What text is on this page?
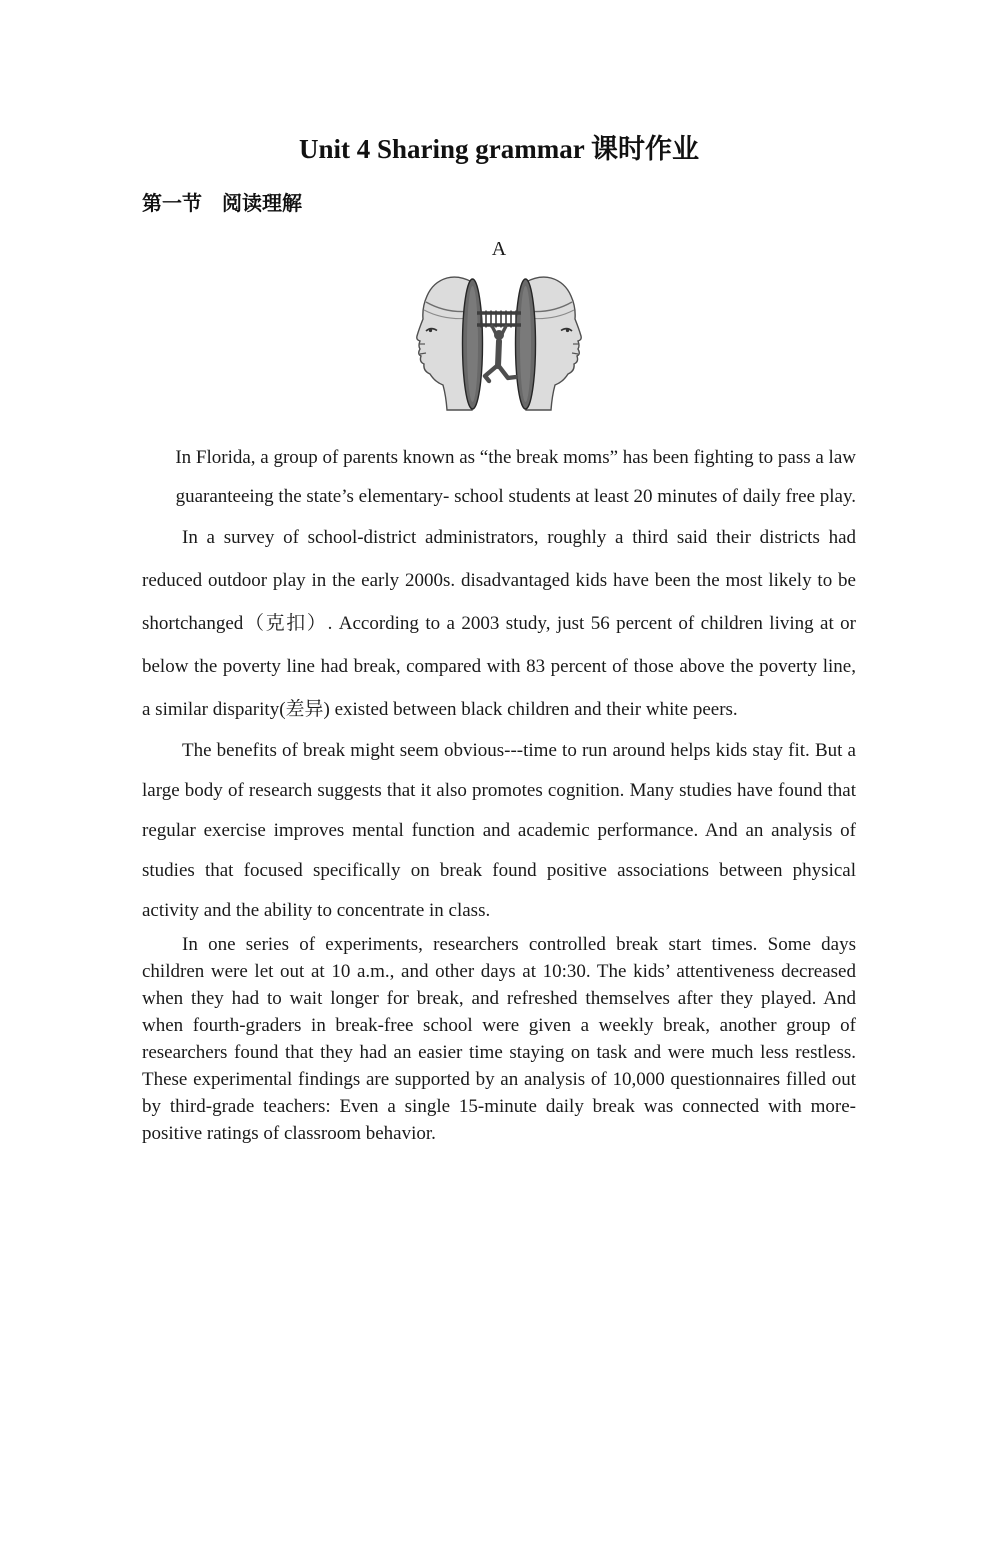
Unit 4 Sharing grammar 课时作业
第一节　阅读理解
A

In Florida, a group of parents known as “the break moms” has been fighting to pass a law guaranteeing the state’s elementary- school students at least 20 minutes of daily free play.

In a survey of school-district administrators, roughly a third said their districts had reduced outdoor play in the early 2000s. disadvantaged kids have been the most likely to be shortchanged（克扣）. According to a 2003 study, just 56 percent of children living at or below the poverty line had break, compared with 83 percent of those above the poverty line, a similar disparity(差异) existed between black children and their white peers.

The benefits of break might seem obvious---time to run around helps kids stay fit. But a large body of research suggests that it also promotes cognition. Many studies have found that regular exercise improves mental function and academic performance. And an analysis of studies that focused specifically on break found positive associations between physical activity and the ability to concentrate in class.

In one series of experiments, researchers controlled break start times. Some days children were let out at 10 a.m., and other days at 10:30. The kids’ attentiveness decreased when they had to wait longer for break, and refreshed themselves after they played. And when fourth-graders in break-free school were given a weekly break, another group of researchers found that they had an easier time staying on task and were much less restless. These experimental findings are supported by an analysis of 10,000 questionnaires filled out by third-grade teachers: Even a single 15-minute daily break was connected with more-positive ratings of classroom behavior.
